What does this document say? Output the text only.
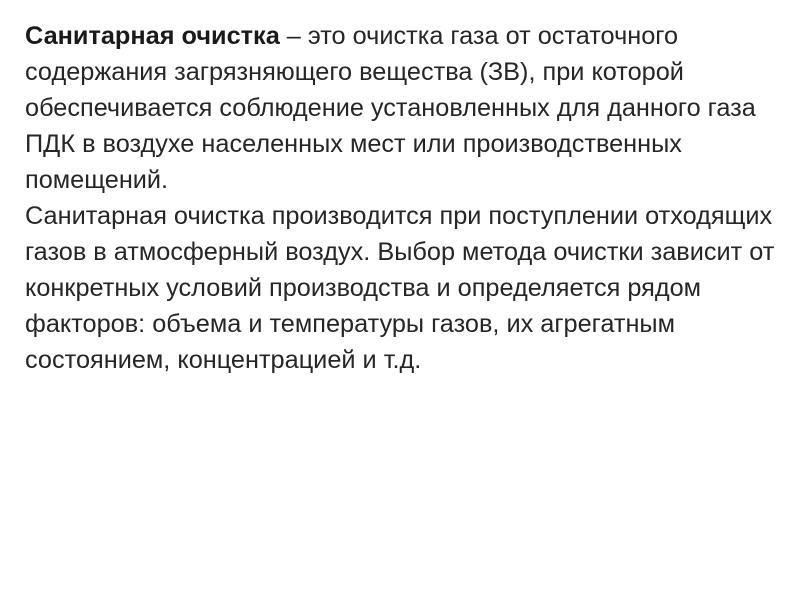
Санитарная очистка – это очистка газа от остаточного содержания загрязняющего вещества (ЗВ), при которой обеспечивается соблюдение установленных для данного газа ПДК в воздухе населенных мест или производственных помещений.

Санитарная очистка производится при поступлении отходящих газов в атмосферный воздух. Выбор метода очистки зависит от конкретных условий производства и определяется рядом факторов: объема и температуры газов, их агрегатным состоянием, концентрацией и т.д.
